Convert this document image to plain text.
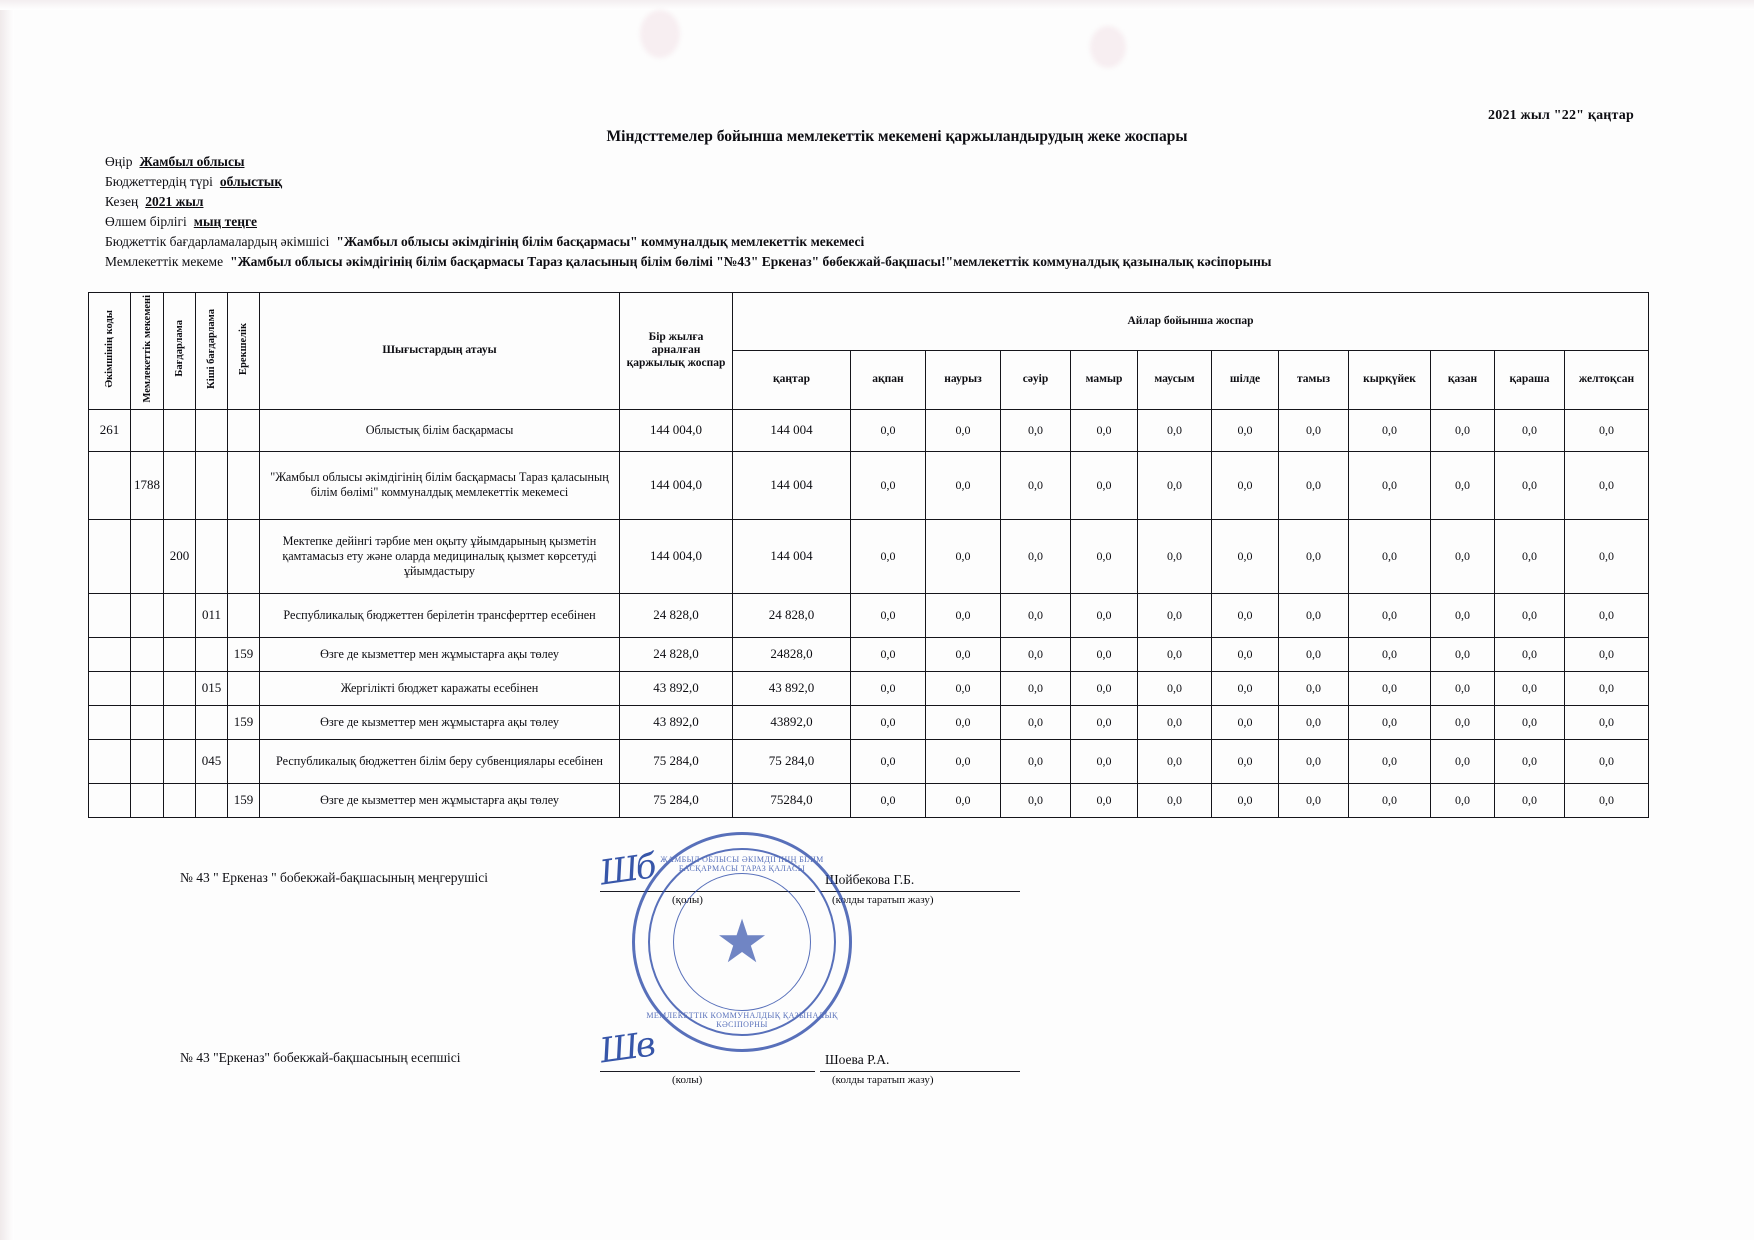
2021 жыл "22" қаңтар
Міндсттемелер бойынша мемлекеттік мекемені қаржыландырудың жеке жоспары
Өңір Жамбыл облысы
Бюджеттердің түрі облыстық
Кезең 2021 жыл
Өлшем бірлігі мың теңге
Бюджеттік бағдарламалардың әкімшісі "Жамбыл облысы әкімдігінің білім басқармасы" коммуналдық мемлекеттік мекемесі
Мемлекеттік мекеме "Жамбыл облысы әкімдігінің білім басқармасы Тараз қаласының білім бөлімі "№43" Еркеназ" бөбекжай-бақшасы!"мемлекеттік коммуналдық қазыналық кәсіпорыны
Әкімшінің коды	Мемлекеттік мекемені	Бағдарлама	Кіші бағдарлама	Ерекшелік	Шығыстардың атауы	Бір жылға арналған қаржылық жоспар	Айлар бойынша жоспар											
							қаңтар	ақпан	наурыз	сәуір	мамыр	маусым	шілде	тамыз	кырқүйек	қазан	қараша	желтоқсан
261					Облыстық білім басқармасы	144 004,0	144 004	0,0	0,0	0,0	0,0	0,0	0,0	0,0	0,0	0,0	0,0	0,0
	1788				"Жамбыл облысы әкімдігінің білім басқармасы Тараз қаласының білім бөлімі" коммуналдық мемлекеттік мекемесі	144 004,0	144 004	0,0	0,0	0,0	0,0	0,0	0,0	0,0	0,0	0,0	0,0	0,0
		200			Мектепке дейінгі тәрбие мен оқыту ұйымдарының қызметін қамтамасыз ету және оларда медициналық қызмет көрсетуді ұйымдастыру	144 004,0	144 004	0,0	0,0	0,0	0,0	0,0	0,0	0,0	0,0	0,0	0,0	0,0
			011		Республикалық бюджеттен берілетін трансферттер есебінен	24 828,0	24 828,0	0,0	0,0	0,0	0,0	0,0	0,0	0,0	0,0	0,0	0,0	0,0
				159	Өзге де кызметтер мен жұмыстарға ақы төлеу	24 828,0	24828,0	0,0	0,0	0,0	0,0	0,0	0,0	0,0	0,0	0,0	0,0	0,0
			015		Жергілікті бюджет каражаты есебінен	43 892,0	43 892,0	0,0	0,0	0,0	0,0	0,0	0,0	0,0	0,0	0,0	0,0	0,0
				159	Өзге де кызметтер мен жұмыстарға ақы төлеу	43 892,0	43892,0	0,0	0,0	0,0	0,0	0,0	0,0	0,0	0,0	0,0	0,0	0,0
			045		Республикалық бюджеттен білім беру субвенциялары есебінен	75 284,0	75 284,0	0,0	0,0	0,0	0,0	0,0	0,0	0,0	0,0	0,0	0,0	0,0
				159	Өзге де кызметтер мен жұмыстарға ақы төлеу	75 284,0	75284,0	0,0	0,0	0,0	0,0	0,0	0,0	0,0	0,0	0,0	0,0	0,0
№ 43 " Еркеназ " бобекжай-бақшасының меңгерушісі
(қолы)	(колды таратып жазу)
Шойбекова Г.Б.
Шб
№ 43 "Еркеназ" бобекжай-бақшасының есепшісі
(колы)	(колды таратып жазу)
Шоева Р.А.
Шв
ЖАМБЫЛ ОБЛЫСЫ ӘКІМДІГІНІҢ БІЛІМ БАСҚАРМАСЫ ТАРАЗ ҚАЛАСЫ
МЕМЛЕКЕТТІК КОММУНАЛДЫҚ ҚАЗЫНАЛЫҚ КӘСІПОРНЫ
★
